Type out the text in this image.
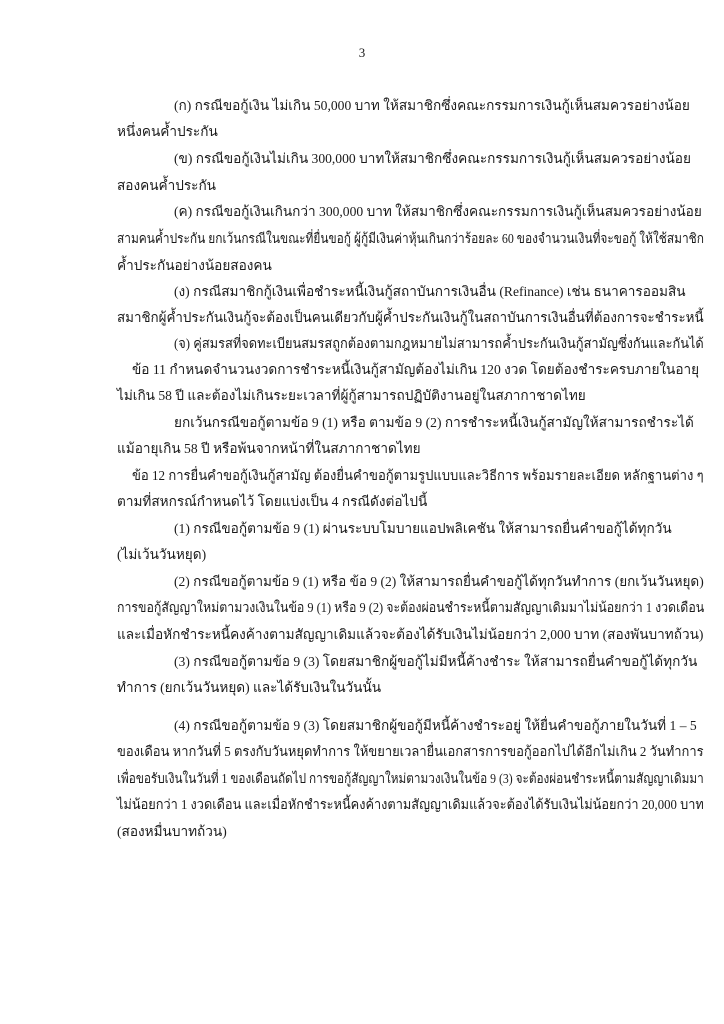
3
(ก) กรณีขอกู้เงิน ไม่เกิน 50,000 บาท ให้สมาชิกซึ่งคณะกรรมการเงินกู้เห็นสมควรอย่างน้อย
หนึ่งคนค้ำประกัน
(ข) กรณีขอกู้เงินไม่เกิน 300,000 บาทให้สมาชิกซึ่งคณะกรรมการเงินกู้เห็นสมควรอย่างน้อย
สองคนค้ำประกัน
(ค) กรณีขอกู้เงินเกินกว่า 300,000 บาท ให้สมาชิกซึ่งคณะกรรมการเงินกู้เห็นสมควรอย่างน้อย
สามคนค้ำประกัน ยกเว้นกรณีในขณะที่ยื่นขอกู้ ผู้กู้มีเงินค่าหุ้นเกินกว่าร้อยละ 60 ของจำนวนเงินที่จะขอกู้ ให้ใช้สมาชิก
ค้ำประกันอย่างน้อยสองคน
(ง) กรณีสมาชิกกู้เงินเพื่อชำระหนี้เงินกู้สถาบันการเงินอื่น (Refinance) เช่น ธนาคารออมสิน
สมาชิกผู้ค้ำประกันเงินกู้จะต้องเป็นคนเดียวกับผู้ค้ำประกันเงินกู้ในสถาบันการเงินอื่นที่ต้องการจะชำระหนี้
(จ) คู่สมรสที่จดทะเบียนสมรสถูกต้องตามกฎหมายไม่สามารถค้ำประกันเงินกู้สามัญซึ่งกันและกันได้
ข้อ 11 กำหนดจำนวนงวดการชำระหนี้เงินกู้สามัญต้องไม่เกิน 120 งวด โดยต้องชำระครบภายในอายุ
ไม่เกิน 58 ปี และต้องไม่เกินระยะเวลาที่ผู้กู้สามารถปฏิบัติงานอยู่ในสภากาชาดไทย
ยกเว้นกรณีขอกู้ตามข้อ 9 (1) หรือ ตามข้อ 9 (2) การชำระหนี้เงินกู้สามัญให้สามารถชำระได้
แม้อายุเกิน 58 ปี หรือพ้นจากหน้าที่ในสภากาชาดไทย
ข้อ 12 การยื่นคำขอกู้เงินกู้สามัญ ต้องยื่นคำขอกู้ตามรูปแบบและวิธีการ พร้อมรายละเอียด หลักฐานต่าง ๆ
ตามที่สหกรณ์กำหนดไว้ โดยแบ่งเป็น 4 กรณีดังต่อไปนี้
(1) กรณีขอกู้ตามข้อ 9 (1) ผ่านระบบโมบายแอปพลิเคชัน ให้สามารถยื่นคำขอกู้ได้ทุกวัน
(ไม่เว้นวันหยุด)
(2) กรณีขอกู้ตามข้อ 9 (1) หรือ ข้อ 9 (2) ให้สามารถยื่นคำขอกู้ได้ทุกวันทำการ (ยกเว้นวันหยุด)
การขอกู้สัญญาใหม่ตามวงเงินในข้อ 9 (1) หรือ 9 (2) จะต้องผ่อนชำระหนี้ตามสัญญาเดิมมาไม่น้อยกว่า 1 งวดเดือน
และเมื่อหักชำระหนี้คงค้างตามสัญญาเดิมแล้วจะต้องได้รับเงินไม่น้อยกว่า 2,000 บาท (สองพันบาทถ้วน)
(3) กรณีขอกู้ตามข้อ 9 (3) โดยสมาชิกผู้ขอกู้ไม่มีหนี้ค้างชำระ ให้สามารถยื่นคำขอกู้ได้ทุกวัน
ทำการ (ยกเว้นวันหยุด) และได้รับเงินในวันนั้น
(4) กรณีขอกู้ตามข้อ 9 (3) โดยสมาชิกผู้ขอกู้มีหนี้ค้างชำระอยู่ ให้ยื่นคำขอกู้ภายในวันที่ 1 – 5
ของเดือน หากวันที่ 5 ตรงกับวันหยุดทำการ ให้ขยายเวลายื่นเอกสารการขอกู้ออกไปได้อีกไม่เกิน 2 วันทำการ
เพื่อขอรับเงินในวันที่ 1 ของเดือนถัดไป การขอกู้สัญญาใหม่ตามวงเงินในข้อ 9 (3) จะต้องผ่อนชำระหนี้ตามสัญญาเดิมมา
ไม่น้อยกว่า 1 งวดเดือน และเมื่อหักชำระหนี้คงค้างตามสัญญาเดิมแล้วจะต้องได้รับเงินไม่น้อยกว่า 20,000 บาท
(สองหมื่นบาทถ้วน)
